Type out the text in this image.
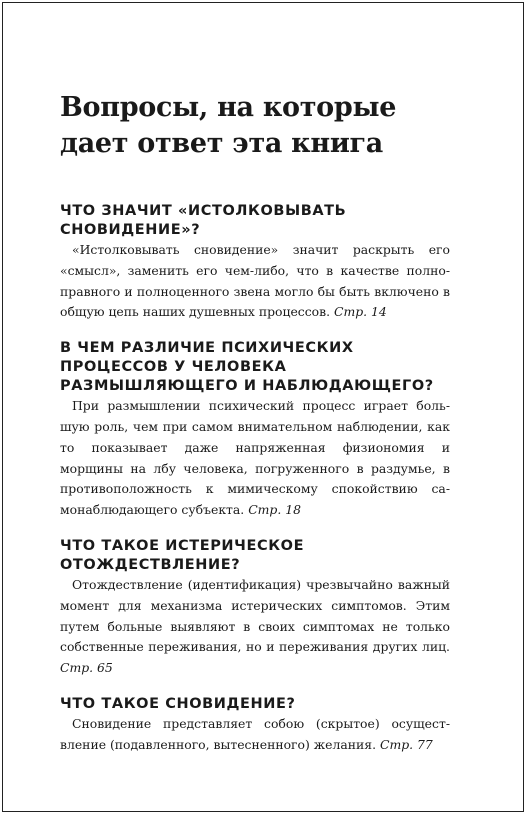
Вопросы, на которые дает ответ эта книга
ЧТО ЗНАЧИТ «ИСТОЛКОВЫВАТЬ СНОВИДЕНИЕ»?

«Истолковывать сновидение» значит раскрыть его «смысл», заменить его чем-либо, что в качестве полноправного и полноценного звена могло бы быть включено в общую цепь наших душевных процессов. Стр. 14

В ЧЕМ РАЗЛИЧИЕ ПСИХИЧЕСКИХ ПРОЦЕССОВ У ЧЕЛОВЕКА РАЗМЫШЛЯЮЩЕГО И НАБЛЮДАЮЩЕГО?

При размышлении психический процесс играет большую роль, чем при самом внимательном наблюдении, как то показывает даже напряженная физиономия и морщины на лбу человека, погруженного в раздумье, в противоположность к мимическому спокойствию самонаблюдающего субъекта. Стр. 18

ЧТО ТАКОЕ ИСТЕРИЧЕСКОЕ ОТОЖДЕСТВЛЕНИЕ?

Отождествление (идентификация) чрезвычайно важный момент для механизма истерических симптомов. Этим путем больные выявляют в своих симптомах не только собственные переживания, но и переживания других лиц. Стр. 65

ЧТО ТАКОЕ СНОВИДЕНИЕ?

Сновидение представляет собою (скрытое) осуществление (подавленного, вытесненного) желания. Стр. 77
